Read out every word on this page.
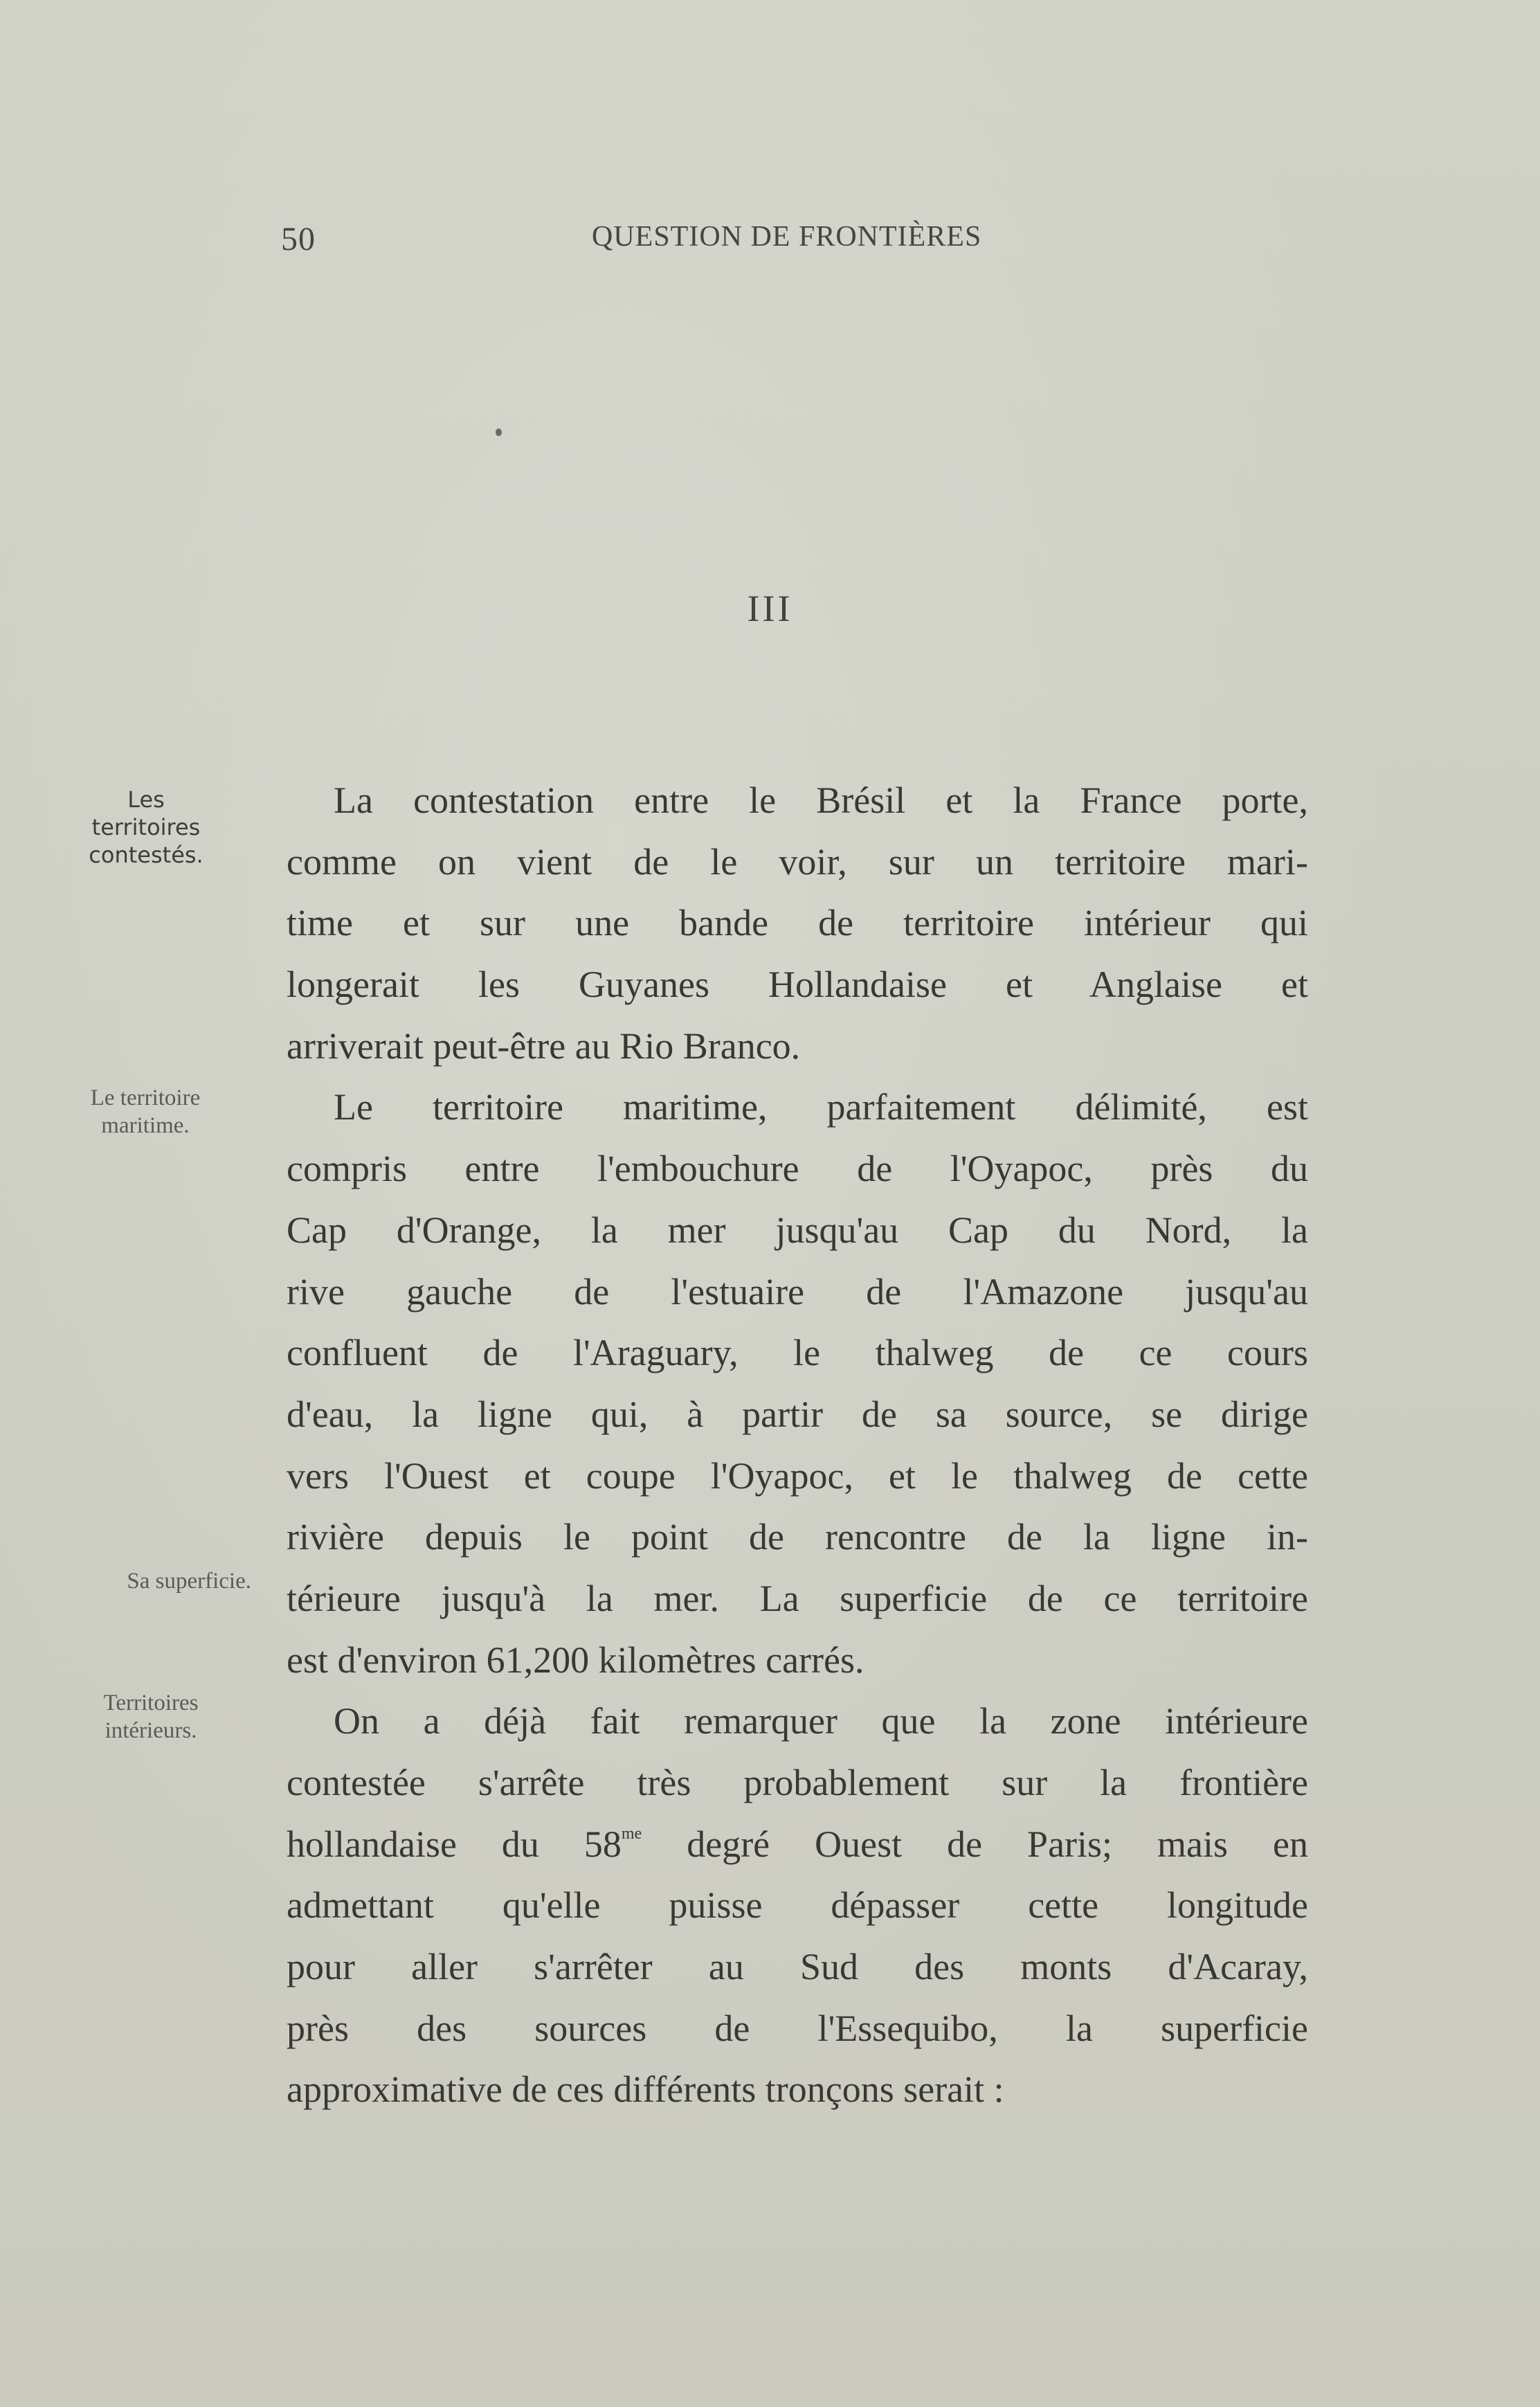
50	QUESTION DE FRONTIÈRES
III
Les
territoires
contestés.
Le territoire
maritime.
Sa superficie.
Territoires
intérieurs.
La contestation entre le Brésil et la France porte,
comme on vient de le voir, sur un territoire mari-
time et sur une bande de territoire intérieur qui
longerait les Guyanes Hollandaise et Anglaise et
arriverait peut-être au Rio Branco.
Le territoire maritime, parfaitement délimité, est
compris entre l'embouchure de l'Oyapoc, près du
Cap d'Orange, la mer jusqu'au Cap du Nord, la
rive gauche de l'estuaire de l'Amazone jusqu'au
confluent de l'Araguary, le thalweg de ce cours
d'eau, la ligne qui, à partir de sa source, se dirige
vers l'Ouest et coupe l'Oyapoc, et le thalweg de cette
rivière depuis le point de rencontre de la ligne in-
térieure jusqu'à la mer. La superficie de ce territoire
est d'environ 61,200 kilomètres carrés.
On a déjà fait remarquer que la zone intérieure
contestée s'arrête très probablement sur la frontière
hollandaise du $58^{me}$ degré Ouest de Paris; mais en
admettant qu'elle puisse dépasser cette longitude
pour aller s'arrêter au Sud des monts d'Acaray,
près des sources de l'Essequibo, la superficie
approximative de ces différents tronçons serait :
